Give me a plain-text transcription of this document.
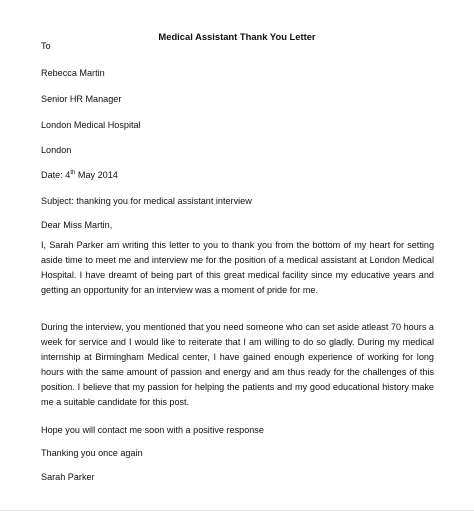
Medical Assistant Thank You Letter
To
Rebecca Martin
Senior HR Manager
London Medical Hospital
London
Date: 4th May 2014
Subject: thanking you for medical assistant interview
Dear Miss Martin,
I, Sarah Parker am writing this letter to you to thank you from the bottom of my heart for setting aside time to meet me and interview me for the position of a medical assistant at London Medical Hospital. I have dreamt of being part of this great medical facility since my educative years and getting an opportunity for an interview was a moment of pride for me.
During the interview, you mentioned that you need someone who can set aside atleast 70 hours a week for service and I would like to reiterate that I am willing to do so gladly. During my medical internship at Birmingham Medical center, I have gained enough experience of working for long hours with the same amount of passion and energy and am thus ready for the challenges of this position. I believe that my passion for helping the patients and my good educational history make me a suitable candidate for this post.
Hope you will contact me soon with a positive response
Thanking you once again
Sarah Parker
